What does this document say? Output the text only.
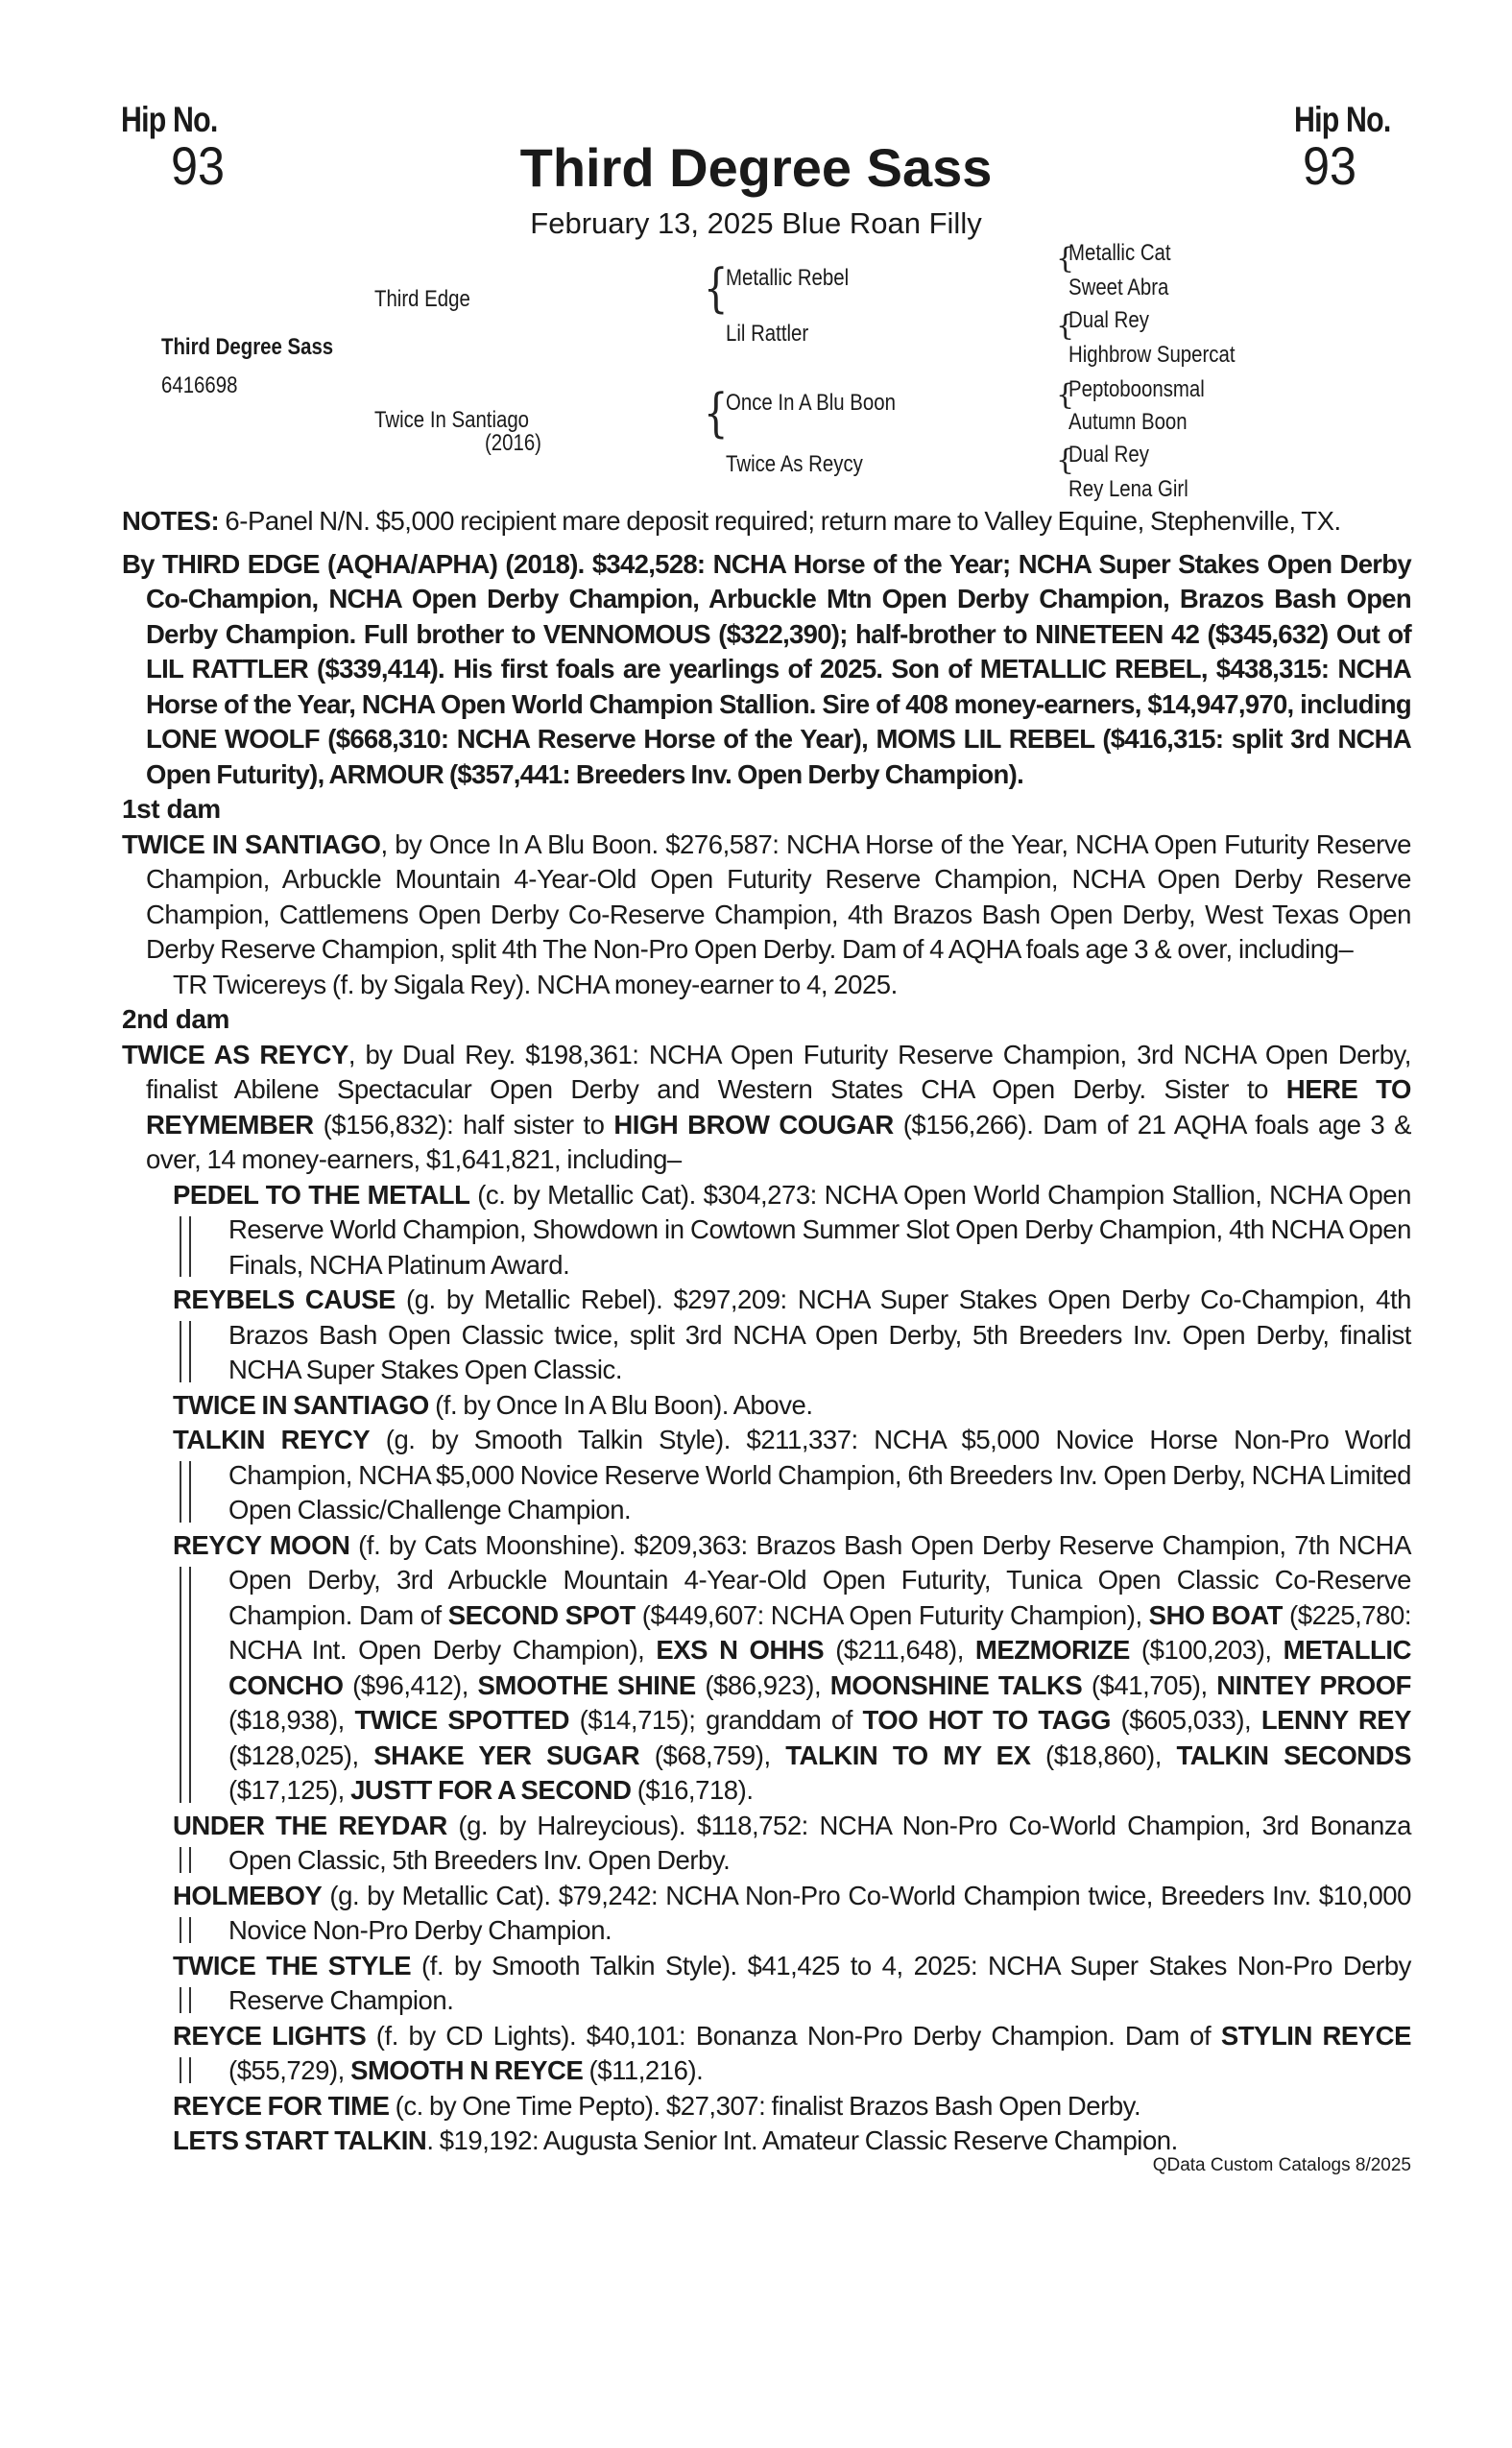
Hip No.
93
Hip No.
93
Third Degree Sass
February 13, 2025 Blue Roan Filly
Third Edge
Third Degree Sass
6416698
Twice In Santiago
(2016)
{
Metallic Rebel
Lil Rattler
{
Once In A Blu Boon
Twice As Reycy
{
Metallic Cat
Sweet Abra
{
Dual Rey
Highbrow Supercat
{
Peptoboonsmal
Autumn Boon
{
Dual Rey
Rey Lena Girl

NOTES: 6-Panel N/N. $5,000 recipient mare deposit required; return mare to Valley Equine, Stephenville, TX.

By THIRD EDGE (AQHA/APHA) (2018). $342,528: NCHA Horse of the Year; NCHA Super Stakes Open Derby Co-Champion, NCHA Open Derby Champion, Arbuckle Mtn Open Derby Champion, Brazos Bash Open Derby Champion. Full brother to VENNOMOUS ($322,390); half-brother to NINETEEN 42 ($345,632) Out of LIL RATTLER ($339,414). His first foals are yearlings of 2025. Son of METALLIC REBEL, $438,315: NCHA Horse of the Year, NCHA Open World Champion Stallion. Sire of 408 money-earners, $14,947,970, including LONE WOOLF ($668,310: NCHA Reserve Horse of the Year), MOMS LIL REBEL ($416,315: split 3rd NCHA Open Futurity), ARMOUR ($357,441: Breeders Inv. Open Derby Champion).

1st dam

TWICE IN SANTIAGO, by Once In A Blu Boon. $276,587: NCHA Horse of the Year, NCHA Open Futurity Reserve Champion, Arbuckle Mountain 4-Year-Old Open Futurity Reserve Champion, NCHA Open Derby Reserve Champion, Cattlemens Open Derby Co-Reserve Champion, 4th Brazos Bash Open Derby, West Texas Open Derby Reserve Champion, split 4th The Non-Pro Open Derby. Dam of 4 AQHA foals age 3 & over, including–

TR Twicereys (f. by Sigala Rey). NCHA money-earner to 4, 2025.

2nd dam

TWICE AS REYCY, by Dual Rey. $198,361: NCHA Open Futurity Reserve Champion, 3rd NCHA Open Derby, finalist Abilene Spectacular Open Derby and Western States CHA Open Derby. Sister to HERE TO REYMEMBER ($156,832): half sister to HIGH BROW COUGAR ($156,266). Dam of 21 AQHA foals age 3 & over, 14 money-earners, $1,641,821, including–

PEDEL TO THE METALL (c. by Metallic Cat). $304,273: NCHA Open World Champion Stallion, NCHA Open Reserve World Champion, Showdown in Cowtown Summer Slot Open Derby Champion, 4th NCHA Open Finals, NCHA Platinum Award.

REYBELS CAUSE (g. by Metallic Rebel). $297,209: NCHA Super Stakes Open Derby Co-Champion, 4th Brazos Bash Open Classic twice, split 3rd NCHA Open Derby, 5th Breeders Inv. Open Derby, finalist NCHA Super Stakes Open Classic.

TWICE IN SANTIAGO (f. by Once In A Blu Boon). Above.

TALKIN REYCY (g. by Smooth Talkin Style). $211,337: NCHA $5,000 Novice Horse Non-Pro World Champion, NCHA $5,000 Novice Reserve World Champion, 6th Breeders Inv. Open Derby, NCHA Limited Open Classic/Challenge Champion.

REYCY MOON (f. by Cats Moonshine). $209,363: Brazos Bash Open Derby Reserve Champion, 7th NCHA Open Derby, 3rd Arbuckle Mountain 4-Year-Old Open Futurity, Tunica Open Classic Co-Reserve Champion. Dam of SECOND SPOT ($449,607: NCHA Open Futurity Champion), SHO BOAT ($225,780: NCHA Int. Open Derby Champion), EXS N OHHS ($211,648), MEZMORIZE ($100,203), METALLIC CONCHO ($96,412), SMOOTHE SHINE ($86,923), MOONSHINE TALKS ($41,705), NINTEY PROOF ($18,938), TWICE SPOTTED ($14,715); granddam of TOO HOT TO TAGG ($605,033), LENNY REY ($128,025), SHAKE YER SUGAR ($68,759), TALKIN TO MY EX ($18,860), TALKIN SECONDS ($17,125), JUSTT FOR A SECOND ($16,718).

UNDER THE REYDAR (g. by Halreycious). $118,752: NCHA Non-Pro Co-World Champion, 3rd Bonanza Open Classic, 5th Breeders Inv. Open Derby.

HOLMEBOY (g. by Metallic Cat). $79,242: NCHA Non-Pro Co-World Champion twice, Breeders Inv. $10,000 Novice Non-Pro Derby Champion.

TWICE THE STYLE (f. by Smooth Talkin Style). $41,425 to 4, 2025: NCHA Super Stakes Non-Pro Derby Reserve Champion.

REYCE LIGHTS (f. by CD Lights). $40,101: Bonanza Non-Pro Derby Champion. Dam of STYLIN REYCE ($55,729), SMOOTH N REYCE ($11,216).

REYCE FOR TIME (c. by One Time Pepto). $27,307: finalist Brazos Bash Open Derby.

LETS START TALKIN. $19,192: Augusta Senior Int. Amateur Classic Reserve Champion.

QData Custom Catalogs 8/2025
